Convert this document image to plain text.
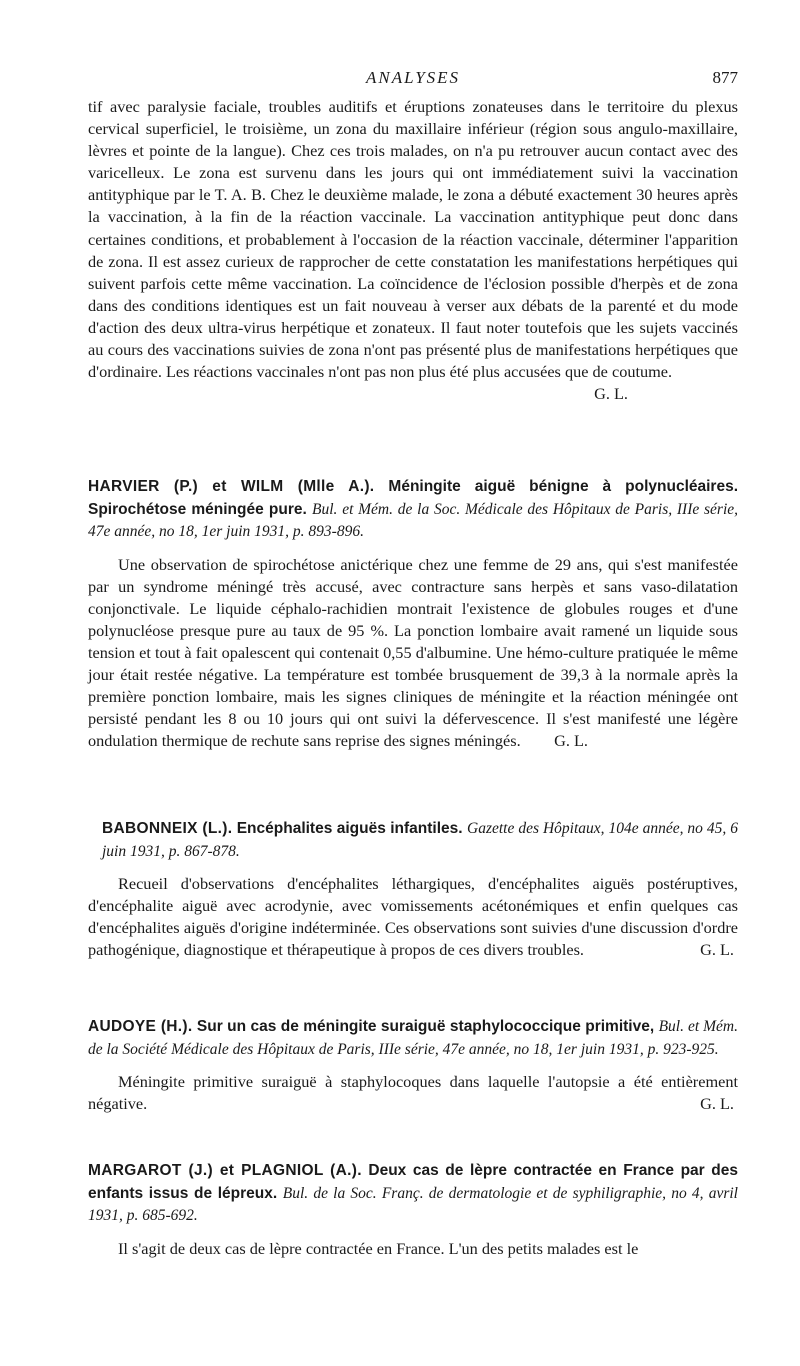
ANALYSES	877

tif avec paralysie faciale, troubles auditifs et éruptions zonateuses dans le territoire du plexus cervical superficiel, le troisième, un zona du maxillaire inférieur (région sous angulo-maxillaire, lèvres et pointe de la langue). Chez ces trois malades, on n'a pu retrouver aucun contact avec des varicelleux. Le zona est survenu dans les jours qui ont immédiatement suivi la vaccination antityphique par le T. A. B. Chez le deuxième malade, le zona a débuté exactement 30 heures après la vaccination, à la fin de la réaction vaccinale. La vaccination antityphique peut donc dans certaines conditions, et probablement à l'occasion de la réaction vaccinale, déterminer l'apparition de zona. Il est assez curieux de rapprocher de cette constatation les manifestations herpétiques qui suivent parfois cette même vaccination. La coïncidence de l'éclosion possible d'herpès et de zona dans des conditions identiques est un fait nouveau à verser aux débats de la parenté et du mode d'action des deux ultra-virus herpétique et zonateux. Il faut noter toutefois que les sujets vaccinés au cours des vaccinations suivies de zona n'ont pas présenté plus de manifestations herpétiques que d'ordinaire. Les réactions vaccinales n'ont pas non plus été plus accusées que de coutume.
G. L.

HARVIER (P.) et WILM (Mlle A.). Méningite aiguë bénigne à polynucléaires. Spirochétose méningée pure. Bul. et Mém. de la Soc. Médicale des Hôpitaux de Paris, IIIe série, 47e année, no 18, 1er juin 1931, p. 893-896.

Une observation de spirochétose anictérique chez une femme de 29 ans, qui s'est manifestée par un syndrome méningé très accusé, avec contracture sans herpès et sans vaso-dilatation conjonctivale. Le liquide céphalo-rachidien montrait l'existence de globules rouges et d'une polynucléose presque pure au taux de 95 %. La ponction lombaire avait ramené un liquide sous tension et tout à fait opalescent qui contenait 0,55 d'albumine. Une hémo-culture pratiquée le même jour était restée négative. La température est tombée brusquement de 39,3 à la normale après la première ponction lombaire, mais les signes cliniques de méningite et la réaction méningée ont persisté pendant les 8 ou 10 jours qui ont suivi la défervescence. Il s'est manifesté une légère ondulation thermique de rechute sans reprise des signes méningés.	G. L.

BABONNEIX (L.). Encéphalites aiguës infantiles. Gazette des Hôpitaux, 104e année, no 45, 6 juin 1931, p. 867-878.

Recueil d'observations d'encéphalites léthargiques, d'encéphalites aiguës postéruptives, d'encéphalite aiguë avec acrodynie, avec vomissements acétonémiques et enfin quelques cas d'encéphalites aiguës d'origine indéterminée. Ces observations sont suivies d'une discussion d'ordre pathogénique, diagnostique et thérapeutique à propos de ces divers troubles.	G. L.

AUDOYE (H.). Sur un cas de méningite suraiguë staphylococcique primitive, Bul. et Mém. de la Société Médicale des Hôpitaux de Paris, IIIe série, 47e année, no 18, 1er juin 1931, p. 923-925.

Méningite primitive suraiguë à staphylocoques dans laquelle l'autopsie a été entièrement négative.	G. L.

MARGAROT (J.) et PLAGNIOL (A.). Deux cas de lèpre contractée en France par des enfants issus de lépreux. Bul. de la Soc. Franç. de dermatologie et de syphiligraphie, no 4, avril 1931, p. 685-692.

Il s'agit de deux cas de lèpre contractée en France. L'un des petits malades est le
